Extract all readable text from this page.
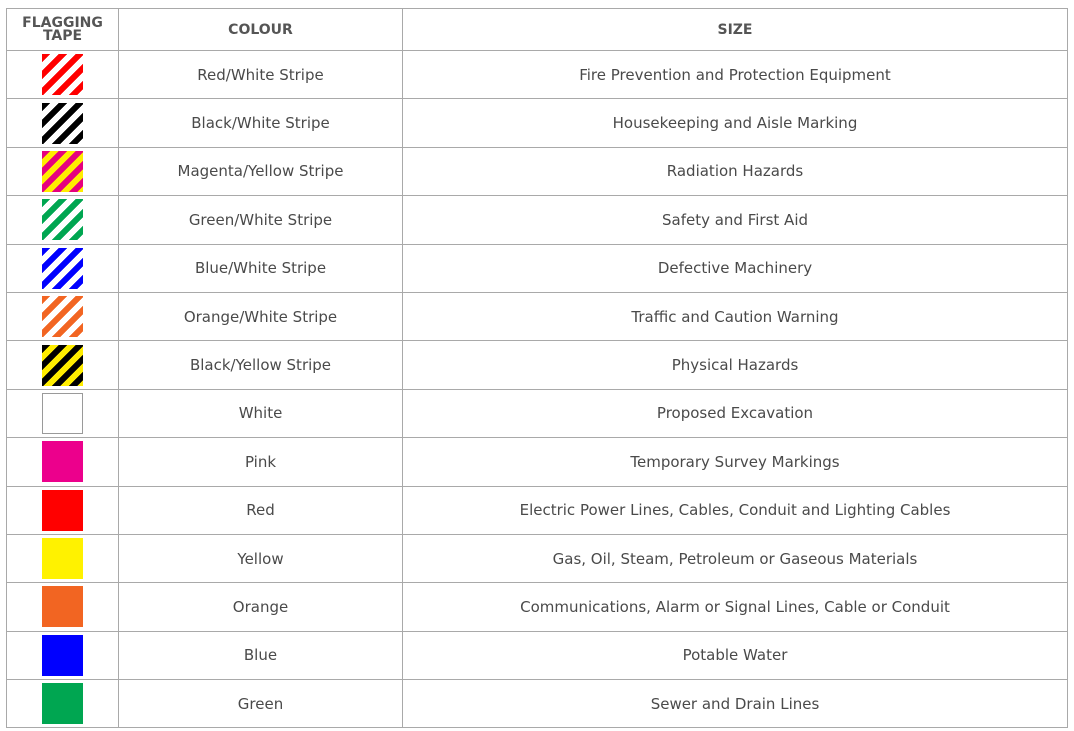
FLAGGING TAPE	COLOUR	SIZE

	Red/White Stripe	Fire Prevention and Protection Equipment

	Black/White Stripe	Housekeeping and Aisle Marking

	Magenta/Yellow Stripe	Radiation Hazards

	Green/White Stripe	Safety and First Aid

	Blue/White Stripe	Defective Machinery

	Orange/White Stripe	Traffic and Caution Warning

	Black/Yellow Stripe	Physical Hazards

	White	Proposed Excavation

	Pink	Temporary Survey Markings

	Red	Electric Power Lines, Cables, Conduit and Lighting Cables

	Yellow	Gas, Oil, Steam, Petroleum or Gaseous Materials

	Orange	Communications, Alarm or Signal Lines, Cable or Conduit

	Blue	Potable Water

	Green	Sewer and Drain Lines
